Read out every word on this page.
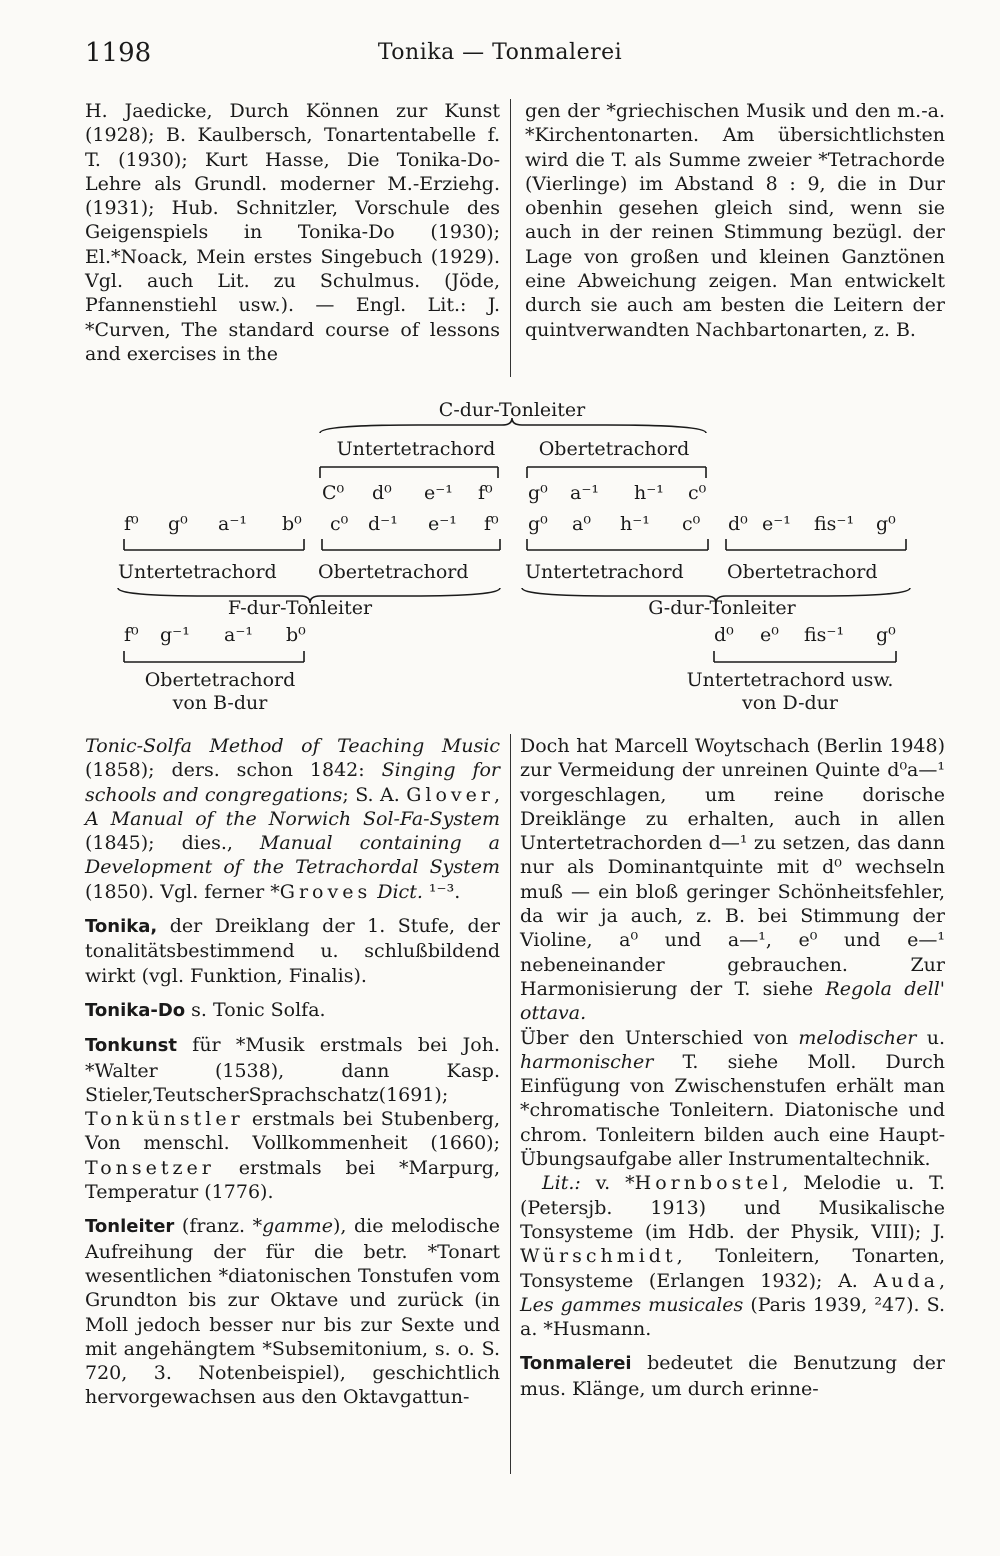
1198	Tonika — Tonmalerei

H. Jaedicke, Durch Können zur Kunst (1928); B. Kaulbersch, Tonartentabelle f. T. (1930); Kurt Hasse, Die Tonika-Do-Lehre als Grundl. moderner M.-Erziehg. (1931); Hub. Schnitzler, Vorschule des Geigenspiels in Tonika-Do (1930); El.*Noack, Mein erstes Singebuch (1929). Vgl. auch Lit. zu Schulmus. (Jöde, Pfannenstiehl usw.). — Engl. Lit.: J. *Curven, The standard course of lessons and exercises in the

gen der *griechischen Musik und den m.-a. *Kirchentonarten. Am übersichtlichsten wird die T. als Summe zweier *Tetrachorde (Vierlinge) im Abstand 8 : 9, die in Dur obenhin gesehen gleich sind, wenn sie auch in der reinen Stimmung bezügl. der Lage von großen und kleinen Ganztönen eine Abweichung zeigen. Man entwickelt durch sie auch am besten die Leitern der quintverwandten Nachbartonarten, z. B.

C-dur-Tonleiter
Untertetrachord Obertetrachord
C⁰ d⁰ e⁻¹ f⁰ g⁰ a⁻¹ h⁻¹ c⁰
f⁰ g⁰ a⁻¹ b⁰ c⁰ d⁻¹ e⁻¹ f⁰ g⁰ a⁰ h⁻¹ c⁰ d⁰ e⁻¹ fis⁻¹ g⁰
Untertetrachord Obertetrachord	Untertetrachord Obertetrachord
F-dur-Tonleiter	G-dur-Tonleiter
f⁰ g⁻¹ a⁻¹ b⁰
Obertetrachord
von B-dur
d⁰ e⁰ fis⁻¹ g⁰
Untertetrachord usw.
von D-dur

Tonic-Solfa Method of Teaching Music (1858); ders. schon 1842: Singing for schools and congregations; S. A. Glover, A Manual of the Norwich Sol-Fa-System (1845); dies., Manual containing a Development of the Tetrachordal System (1850). Vgl. ferner *Groves Dict. ¹⁻³.

Tonika, der Dreiklang der 1. Stufe, der tonalitätsbestimmend u. schlußbildend wirkt (vgl. Funktion, Finalis).

Tonika-Do s. Tonic Solfa.

Tonkunst für *Musik erstmals bei Joh. *Walter (1538), dann Kasp. Stieler,TeutscherSprachschatz(1691); Tonkünstler erstmals bei Stubenberg, Von menschl. Vollkommenheit (1660); Tonsetzer erstmals bei *Marpurg, Temperatur (1776).

Tonleiter (franz. *gamme), die melodische Aufreihung der für die betr. *Tonart wesentlichen *diatonischen Tonstufen vom Grundton bis zur Oktave und zurück (in Moll jedoch besser nur bis zur Sexte und mit angehängtem *Subsemitonium, s. o. S. 720, 3. Notenbeispiel), geschichtlich hervorgewachsen aus den Oktavgattun-

Doch hat Marcell Woytschach (Berlin 1948) zur Vermeidung der unreinen Quinte d⁰a—¹ vorgeschlagen, um reine dorische Dreiklänge zu erhalten, auch in allen Untertetrachorden d—¹ zu setzen, das dann nur als Dominantquinte mit d⁰ wechseln muß — ein bloß geringer Schönheitsfehler, da wir ja auch, z. B. bei Stimmung der Violine, a⁰ und a—¹, e⁰ und e—¹ nebeneinander gebrauchen. Zur Harmonisierung der T. siehe Regola dell' ottava.

Über den Unterschied von melodischer u. harmonischer T. siehe Moll. Durch Einfügung von Zwischenstufen erhält man *chromatische Tonleitern. Diatonische und chrom. Tonleitern bilden auch eine Haupt-Übungsaufgabe aller Instrumentaltechnik.

Lit.: v. *Hornbostel, Melodie u. T. (Petersjb. 1913) und Musikalische Tonsysteme (im Hdb. der Physik, VIII); J. Würschmidt, Tonleitern, Tonarten, Tonsysteme (Erlangen 1932); A. Auda, Les gammes musicales (Paris 1939, ²47). S. a. *Husmann.

Tonmalerei bedeutet die Benutzung der mus. Klänge, um durch erinne-
